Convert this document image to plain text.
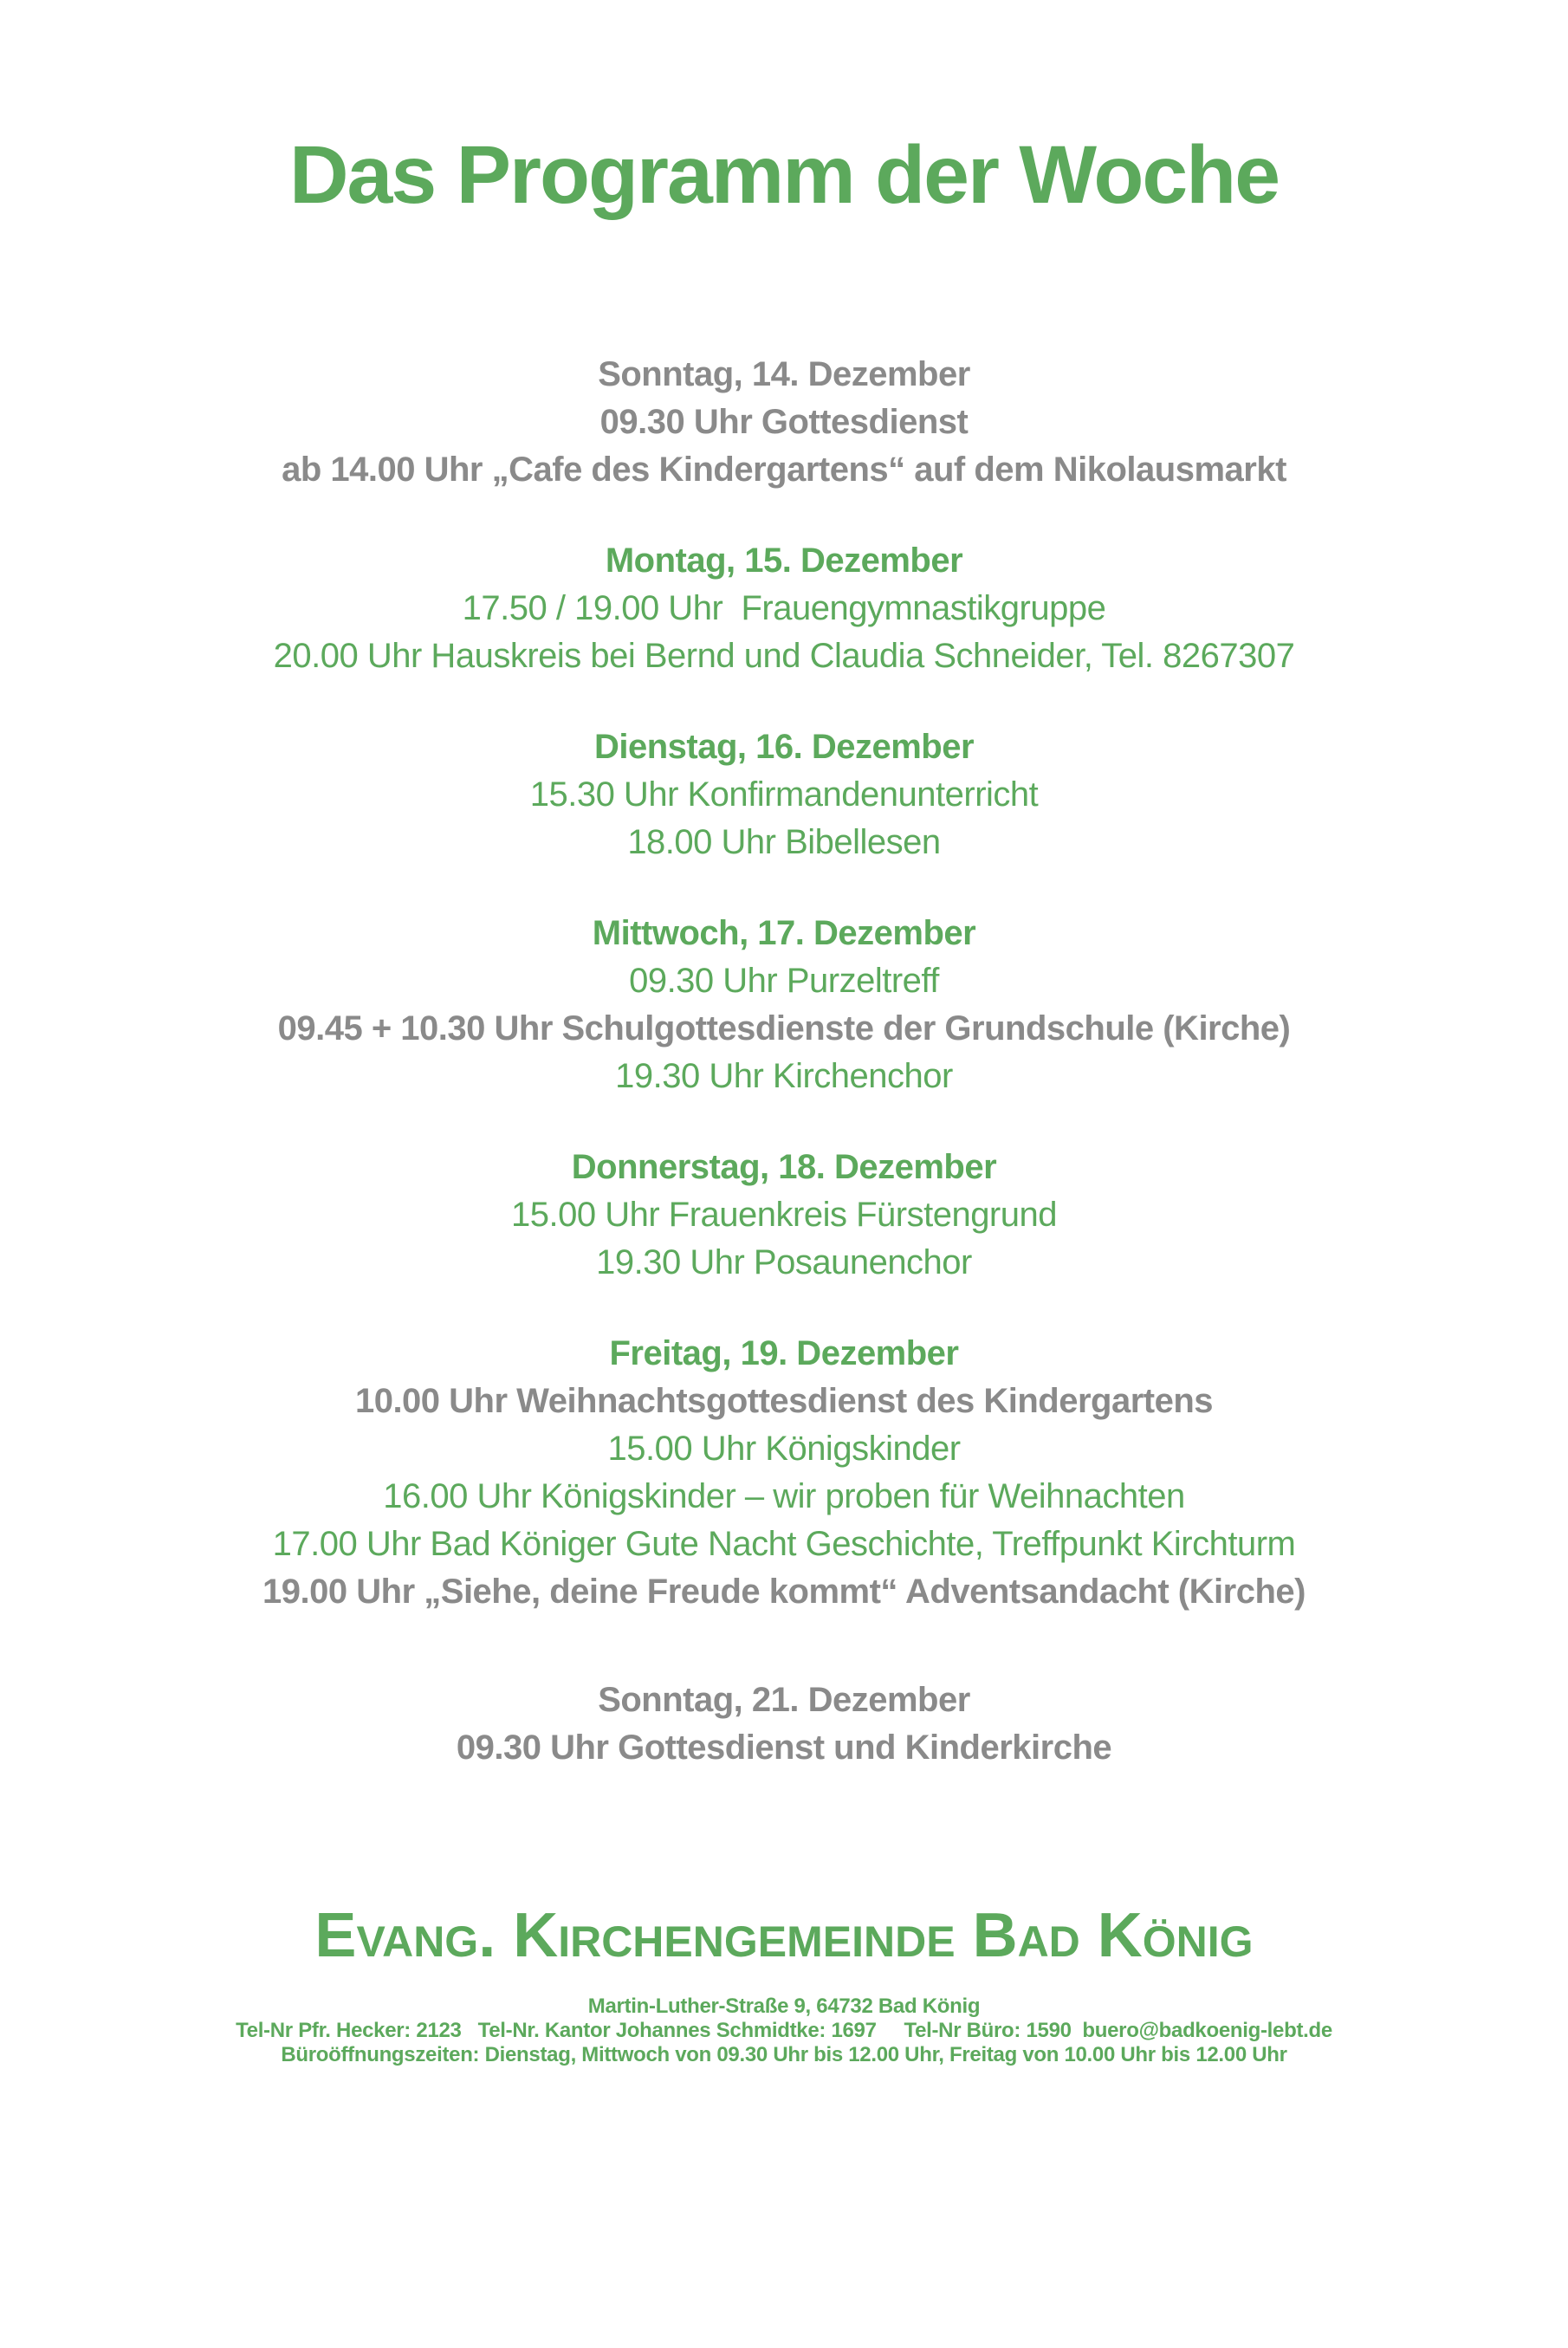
Das Programm der Woche
Sonntag, 14. Dezember

09.30 Uhr Gottesdienst

ab 14.00 Uhr „Cafe des Kindergartens“ auf dem Nikolausmarkt

Montag, 15. Dezember

17.50 / 19.00 Uhr  Frauengymnastikgruppe

20.00 Uhr Hauskreis bei Bernd und Claudia Schneider, Tel. 8267307

Dienstag, 16. Dezember

15.30 Uhr Konfirmandenunterricht

18.00 Uhr Bibellesen

Mittwoch, 17. Dezember

09.30 Uhr Purzeltreff

09.45 + 10.30 Uhr Schulgottesdienste der Grundschule (Kirche)

19.30 Uhr Kirchenchor

Donnerstag, 18. Dezember

15.00 Uhr Frauenkreis Fürstengrund

19.30 Uhr Posaunenchor

Freitag, 19. Dezember

10.00 Uhr Weihnachtsgottesdienst des Kindergartens

15.00 Uhr Königskinder

16.00 Uhr Königskinder – wir proben für Weihnachten

17.00 Uhr Bad Königer Gute Nacht Geschichte, Treffpunkt Kirchturm

19.00 Uhr „Siehe, deine Freude kommt“ Adventsandacht (Kirche)

Sonntag, 21. Dezember

09.30 Uhr Gottesdienst und Kinderkirche

Evang. Kirchengemeinde Bad König

Martin-Luther-Straße 9, 64732 Bad König

Tel-Nr Pfr. Hecker: 2123   Tel-Nr. Kantor Johannes Schmidtke: 1697     Tel-Nr Büro: 1590  buero@badkoenig-lebt.de

Büroöffnungszeiten: Dienstag, Mittwoch von 09.30 Uhr bis 12.00 Uhr, Freitag von 10.00 Uhr bis 12.00 Uhr
